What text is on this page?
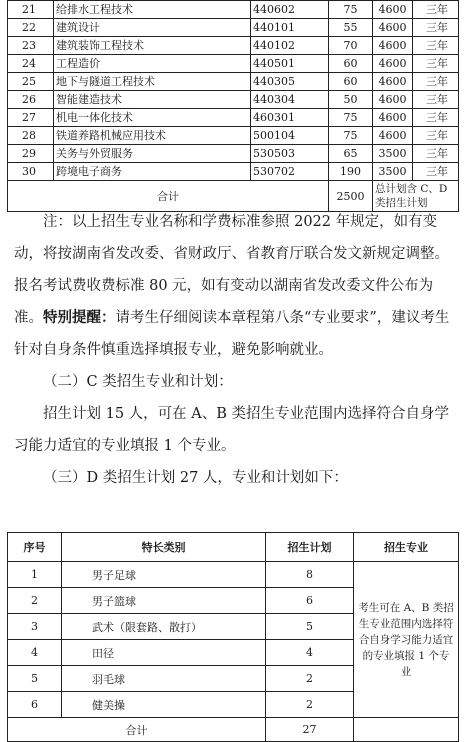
21	给排水工程技术	440602	75	4600	三年
22	建筑设计	440101	55	4600	三年
23	建筑装饰工程技术	440102	70	4600	三年
24	工程造价	440501	60	4600	三年
25	地下与隧道工程技术	440305	60	4600	三年
26	智能建造技术	440304	50	4600	三年
27	机电一体化技术	460301	75	4600	三年
28	铁道养路机械应用技术	500104	75	4600	三年
29	关务与外贸服务	530503	65	3500	三年
30	跨境电子商务	530702	190	3500	三年
合计			2500	总计划含 C、D 类招生计划	

注：以上招生专业名称和学费标准参照 2022 年规定，如有变动，将按湖南省发改委、省财政厅、省教育厅联合发文新规定调整。报名考试费收费标准 80 元，如有变动以湖南省发改委文件公布为准。 特别提醒：请考生仔细阅读本章程第八条“专业要求”，建议考生针对自身条件慎重选择填报专业，避免影响就业。

（二）C 类招生专业和计划：

招生计划 15 人，可在 A、B 类招生专业范围内选择符合自身学习能力适宜的专业填报 1 个专业。

（三）D 类招生计划 27 人，专业和计划如下：

序号	特长类别	招生计划	招生专业
1	男子足球	8	考生可在 A、B 类招生专业范围内选择符合自身学习能力适宜的专业填报 1 个专业
2	男子篮球	6	
3	武术（限套路、散打）	5	
4	田径	4	
5	羽毛球	2	
6	健美操	2	
合计		27	
